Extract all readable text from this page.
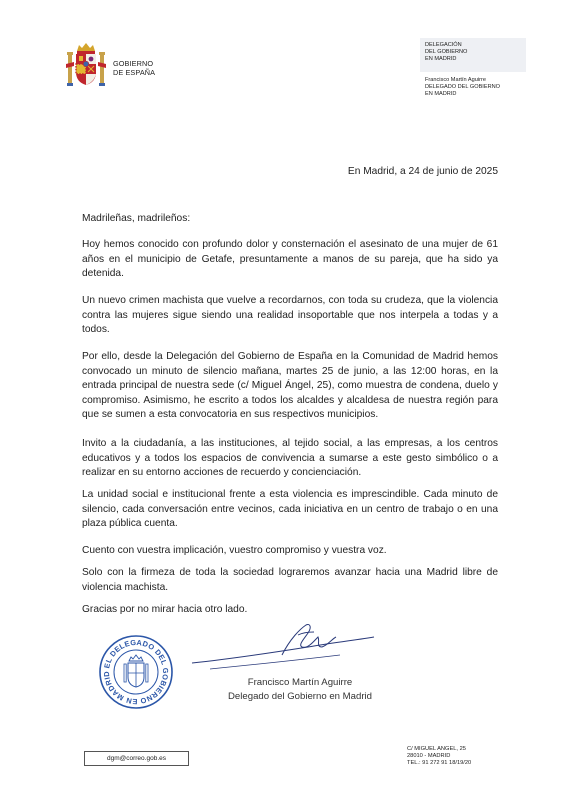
GOBIERNO
DE ESPAÑA
DELEGACIÓN
DEL GOBIERNO
EN MADRID
Francisco Martín Aguirre
DELEGADO DEL GOBIERNO
EN MADRID
En Madrid, a 24 de junio de 2025
Madrileñas, madrileños:

Hoy hemos conocido con profundo dolor y consternación el asesinato de una mujer de 61 años en el municipio de Getafe, presuntamente a manos de su pareja, que ha sido ya detenida.

Un nuevo crimen machista que vuelve a recordarnos, con toda su crudeza, que la violencia contra las mujeres sigue siendo una realidad insoportable que nos interpela a todas y a todos.

Por ello, desde la Delegación del Gobierno de España en la Comunidad de Madrid hemos convocado un minuto de silencio mañana, martes 25 de junio, a las 12:00 horas, en la entrada principal de nuestra sede (c/ Miguel Ángel, 25), como muestra de condena, duelo y compromiso. Asimismo, he escrito a todos los alcaldes y alcaldesa de nuestra región para que se sumen a esta convocatoria en sus respectivos municipios.

Invito a la ciudadanía, a las instituciones, al tejido social, a las empresas, a los centros educativos y a todos los espacios de convivencia a sumarse a este gesto simbólico o a realizar en su entorno acciones de recuerdo y concienciación.

La unidad social e institucional frente a esta violencia es imprescindible. Cada minuto de silencio, cada conversación entre vecinos, cada iniciativa en un centro de trabajo o en una plaza pública cuenta.

Cuento con vuestra implicación, vuestro compromiso y vuestra voz.

Solo con la firmeza de toda la sociedad lograremos avanzar hacia una Madrid libre de violencia machista.

Gracias por no mirar hacia otro lado.

EL DELEGADO DEL GOBIERNO EN MADRID
Francisco Martín Aguirre
Delegado del Gobierno en Madrid
dgm@correo.gob.es
C/ MIGUEL ANGEL, 25
28010 - MADRID
TEL.: 91 272 91 18/19/20
